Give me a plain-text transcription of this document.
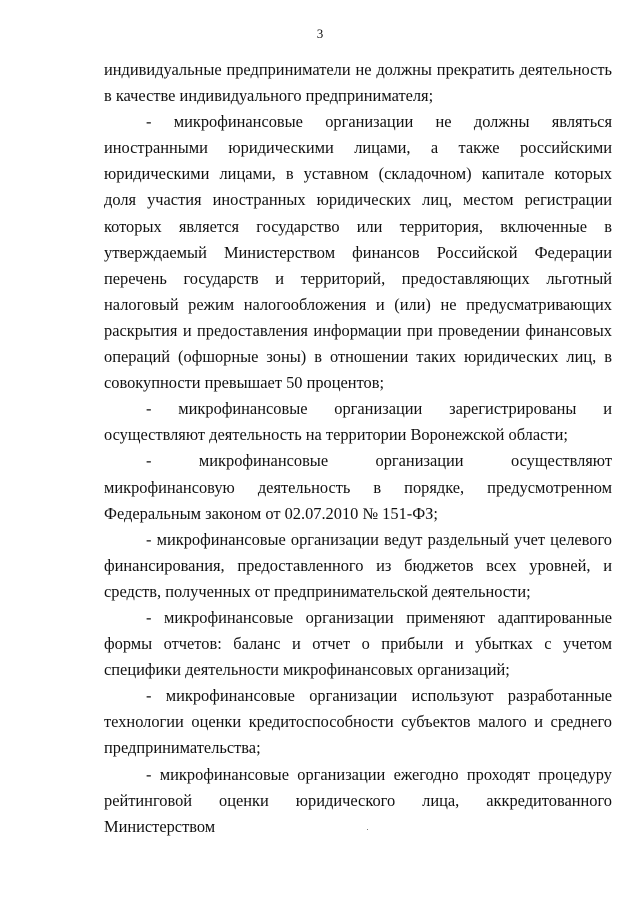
3

индивидуальные предприниматели не должны прекратить деятельность в качестве индивидуального предпринимателя;

- микрофинансовые организации не должны являться иностранными юридическими лицами, а также российскими юридическими лицами, в уставном (складочном) капитале которых доля участия иностранных юридических лиц, местом регистрации которых является государство или территория, включенные в утверждаемый Министерством финансов Российской Федерации перечень государств и территорий, предоставляющих льготный налоговый режим налогообложения и (или) не предусматривающих раскрытия и предоставления информации при проведении финансовых операций (офшорные зоны) в отношении таких юридических лиц, в совокупности превышает 50 процентов;

- микрофинансовые организации зарегистрированы и осуществляют деятельность на территории Воронежской области;

- микрофинансовые организации осуществляют микрофинансовую деятельность в порядке, предусмотренном Федеральным законом от 02.07.2010 № 151-ФЗ;

- микрофинансовые организации ведут раздельный учет целевого финансирования, предоставленного из бюджетов всех уровней, и средств, полученных от предпринимательской деятельности;

- микрофинансовые организации применяют адаптированные формы отчетов: баланс и отчет о прибыли и убытках с учетом специфики деятельности микрофинансовых организаций;

- микрофинансовые организации используют разработанные технологии оценки кредитоспособности субъектов малого и среднего предпринимательства;

- микрофинансовые организации ежегодно проходят процедуру рейтинговой оценки юридического лица, аккредитованного Министерством
